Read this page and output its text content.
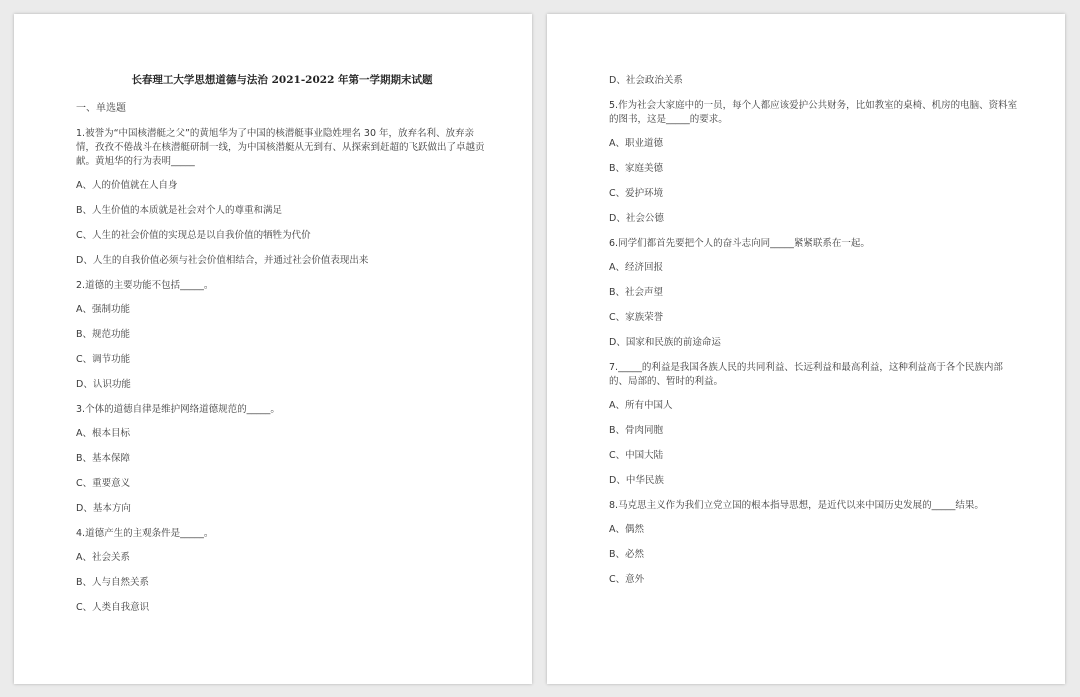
长春理工大学思想道德与法治 2021-2022 年第一学期期末试题
一、单选题
1.被誉为“中国核潜艇之父”的黄旭华为了中国的核潜艇事业隐姓埋名 30 年，放弃名利、放弃亲情，孜孜不倦战斗在核潜艇研制一线，为中国核潜艇从无到有、从探索到赶超的飞跃做出了卓越贡献。黄旭华的行为表明_____
A、人的价值就在人自身
B、人生价值的本质就是社会对个人的尊重和满足
C、人生的社会价值的实现总是以自我价值的牺牲为代价
D、人生的自我价值必须与社会价值相结合，并通过社会价值表现出来
2.道德的主要功能不包括_____。
A、强制功能
B、规范功能
C、调节功能
D、认识功能
3.个体的道德自律是维护网络道德规范的_____。
A、根本目标
B、基本保障
C、重要意义
D、基本方向
4.道德产生的主观条件是_____。
A、社会关系
B、人与自然关系
C、人类自我意识
D、社会政治关系
5.作为社会大家庭中的一员，每个人都应该爱护公共财务，比如教室的桌椅、机房的电脑、资料室的图书，这是_____的要求。
A、职业道德
B、家庭美德
C、爱护环境
D、社会公德
6.同学们都首先要把个人的奋斗志向同_____紧紧联系在一起。
A、经济回报
B、社会声望
C、家族荣誉
D、国家和民族的前途命运
7._____的利益是我国各族人民的共同利益、长远利益和最高利益，这种利益高于各个民族内部的、局部的、暂时的利益。
A、所有中国人
B、骨肉同胞
C、中国大陆
D、中华民族
8.马克思主义作为我们立党立国的根本指导思想，是近代以来中国历史发展的_____结果。
A、偶然
B、必然
C、意外
